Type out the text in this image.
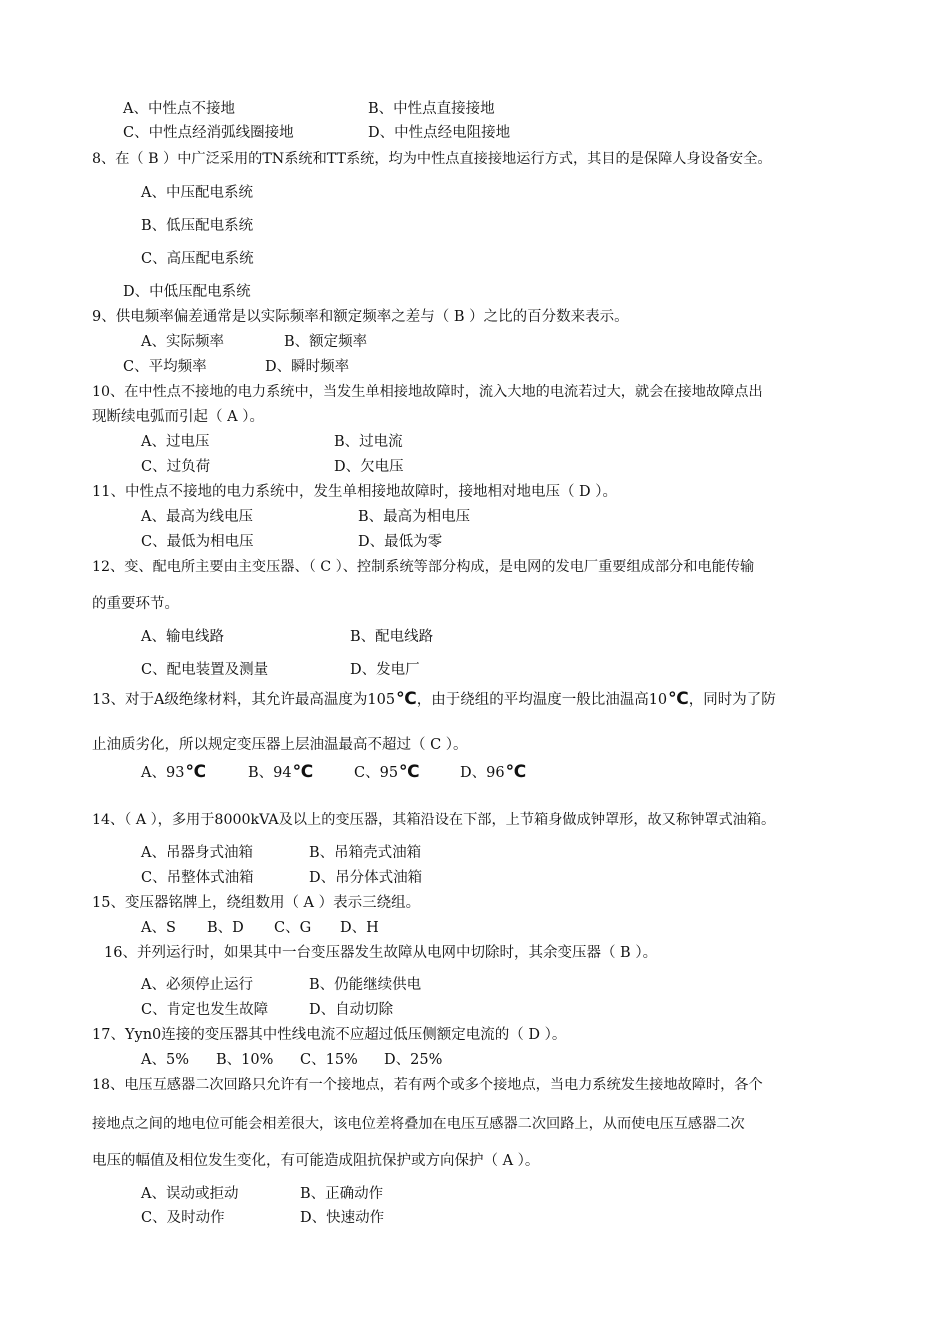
A、中性点不接地	B、中性点直接接地
C、中性点经消弧线圈接地	D、中性点经电阻接地
8、在（ B ）中广泛采用的TN系统和TT系统，均为中性点直接接地运行方式，其目的是保障人身设备安全。
A、中压配电系统
B、低压配电系统
C、高压配电系统
D、中低压配电系统
9、供电频率偏差通常是以实际频率和额定频率之差与（ B ）之比的百分数来表示。
A、实际频率	B、额定频率
C、平均频率	D、瞬时频率
10、在中性点不接地的电力系统中，当发生单相接地故障时，流入大地的电流若过大，就会在接地故障点出
现断续电弧而引起（ A ）。
A、过电压	B、过电流
C、过负荷	D、欠电压
11、中性点不接地的电力系统中，发生单相接地故障时，接地相对地电压（ D ）。
A、最高为线电压	B、最高为相电压
C、最低为相电压	D、最低为零
12、变、配电所主要由主变压器、（ C ）、控制系统等部分构成，是电网的发电厂重要组成部分和电能传输
的重要环节。
A、输电线路	B、配电线路
C、配电装置及测量	D、发电厂
13、对于A级绝缘材料，其允许最高温度为105℃，由于绕组的平均温度一般比油温高10℃，同时为了防
止油质劣化，所以规定变压器上层油温最高不超过（ C ）。
A、93℃	B、94℃	C、95℃	D、96℃
14、（ A ），多用于8000kVA及以上的变压器，其箱沿设在下部，上节箱身做成钟罩形，故又称钟罩式油箱。
A、吊器身式油箱	B、吊箱壳式油箱
C、吊整体式油箱	D、吊分体式油箱
15、变压器铭牌上，绕组数用（ A ）表示三绕组。
A、S B、D C、G D、H
16、并列运行时，如果其中一台变压器发生故障从电网中切除时，其余变压器（ B ）。
A、必须停止运行	B、仍能继续供电
C、肯定也发生故障	D、自动切除
17、Yyn0连接的变压器其中性线电流不应超过低压侧额定电流的（ D ）。
A、5% B、10% C、15% D、25%
18、电压互感器二次回路只允许有一个接地点，若有两个或多个接地点，当电力系统发生接地故障时，各个
接地点之间的地电位可能会相差很大，该电位差将叠加在电压互感器二次回路上，从而使电压互感器二次
电压的幅值及相位发生变化，有可能造成阻抗保护或方向保护（ A ）。
A、误动或拒动	B、正确动作
C、及时动作	D、快速动作
